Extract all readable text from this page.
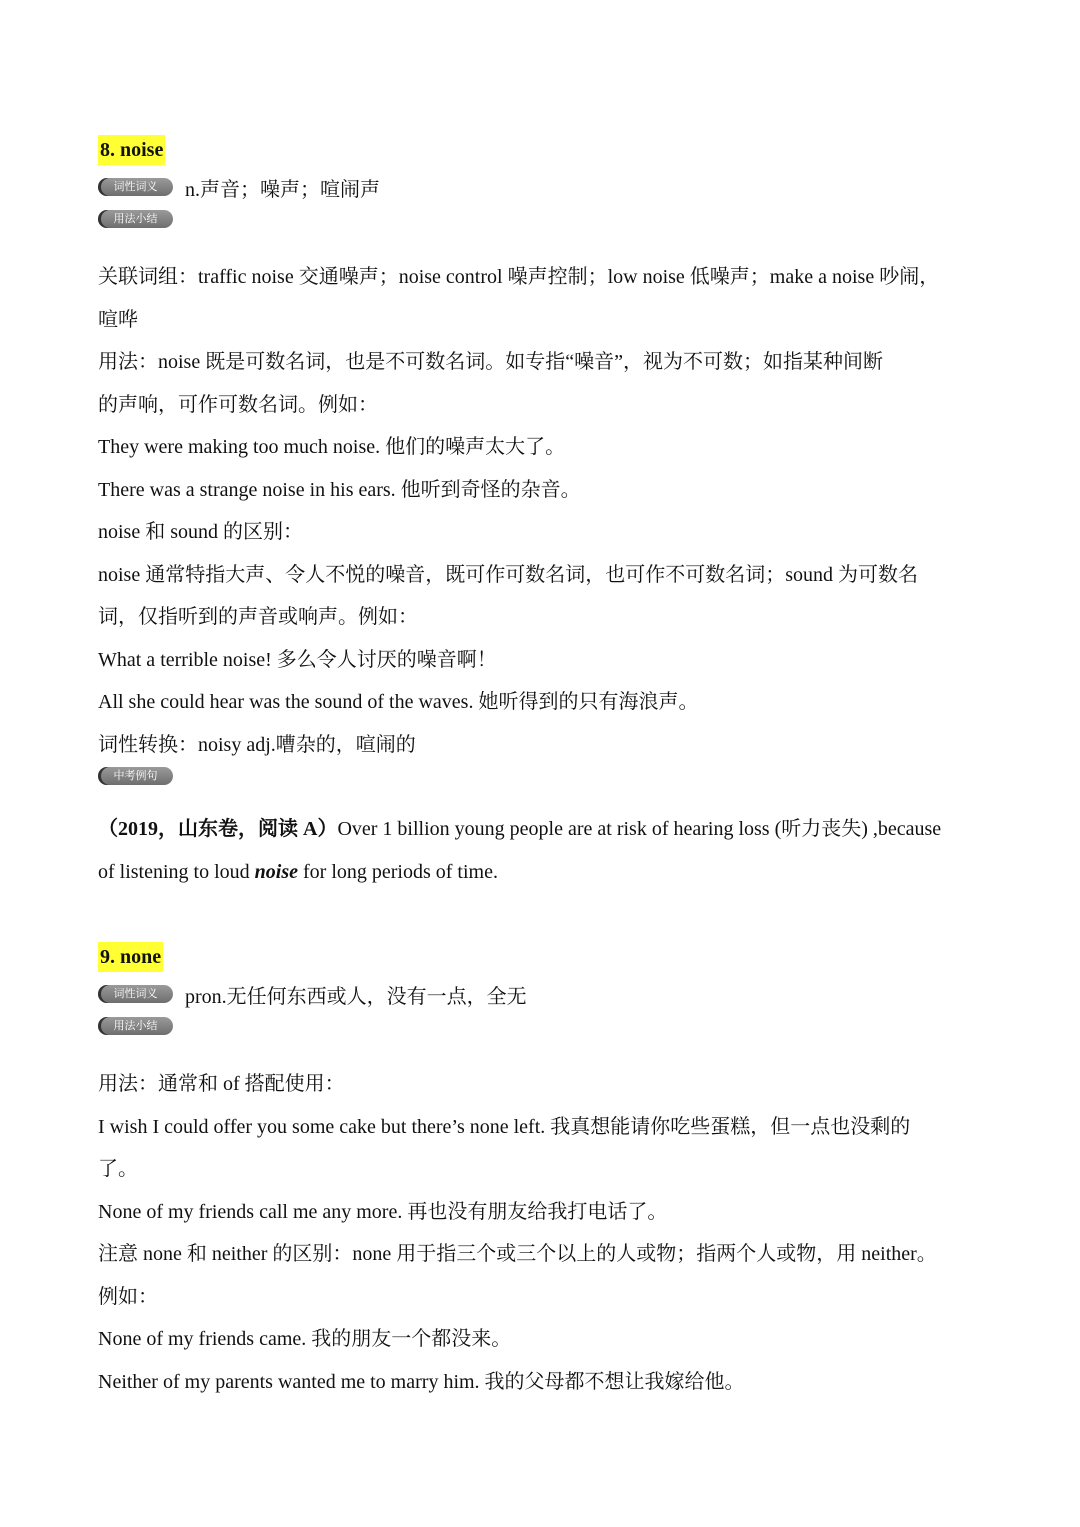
8. noise
词性词义	n.声音；噪声；喧闹声
用法小结
关联词组：traffic noise 交通噪声；noise control 噪声控制；low noise 低噪声；make a noise 吵闹，
喧哗
用法：noise 既是可数名词，也是不可数名词。如专指“噪音”，视为不可数；如指某种间断
的声响，可作可数名词。例如：
They were making too much noise. 他们的噪声太大了。
There was a strange noise in his ears. 他听到奇怪的杂音。
noise 和 sound 的区别：
noise 通常特指大声、令人不悦的噪音，既可作可数名词，也可作不可数名词；sound 为可数名
词，仅指听到的声音或响声。例如：
What a terrible noise! 多么令人讨厌的噪音啊！
All she could hear was the sound of the waves. 她听得到的只有海浪声。
词性转换：noisy adj.嘈杂的，喧闹的
中考例句
（2019，山东卷，阅读 A）Over 1 billion young people are at risk of hearing loss (听力丧失) ,because
of listening to loud noise for long periods of time.
9. none
词性词义	pron.无任何东西或人，没有一点，全无
用法小结
用法：通常和 of 搭配使用：
I wish I could offer you some cake but there’s none left. 我真想能请你吃些蛋糕，但一点也没剩的
了。
None of my friends call me any more. 再也没有朋友给我打电话了。
注意 none 和 neither 的区别：none 用于指三个或三个以上的人或物；指两个人或物，用 neither。
例如：
None of my friends came. 我的朋友一个都没来。
Neither of my parents wanted me to marry him. 我的父母都不想让我嫁给他。
